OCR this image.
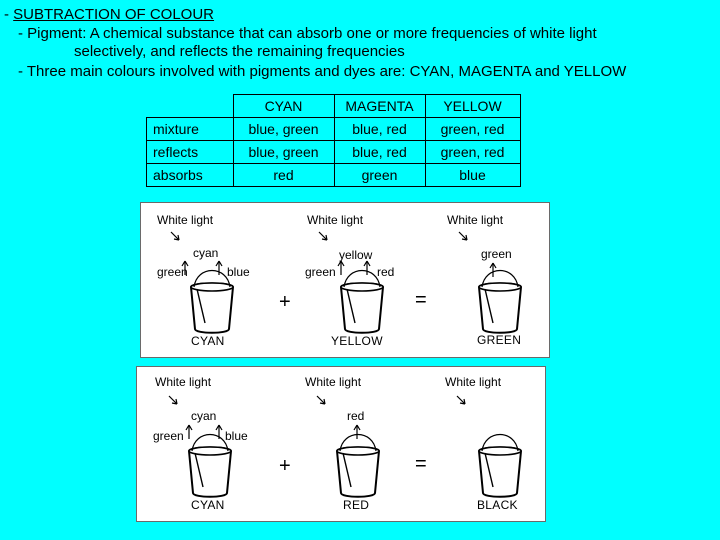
- SUBTRACTION OF COLOUR
- Pigment: A chemical substance that can absorb one or more frequencies of white light
selectively, and reflects the remaining frequencies
- Three main colours involved with pigments and dyes are: CYAN, MAGENTA and YELLOW
	CYAN	MAGENTA	YELLOW
mixture	blue, green	blue, red	green, red
reflects	blue, green	blue, red	green, red
absorbs	red	green	blue
White light
cyan
green	blue
CYAN
+
White light
yellow
green	red
YELLOW
=
White light
green
GREEN
White light
cyan
green	blue
CYAN
+
White light
red
RED
=
White light
BLACK
